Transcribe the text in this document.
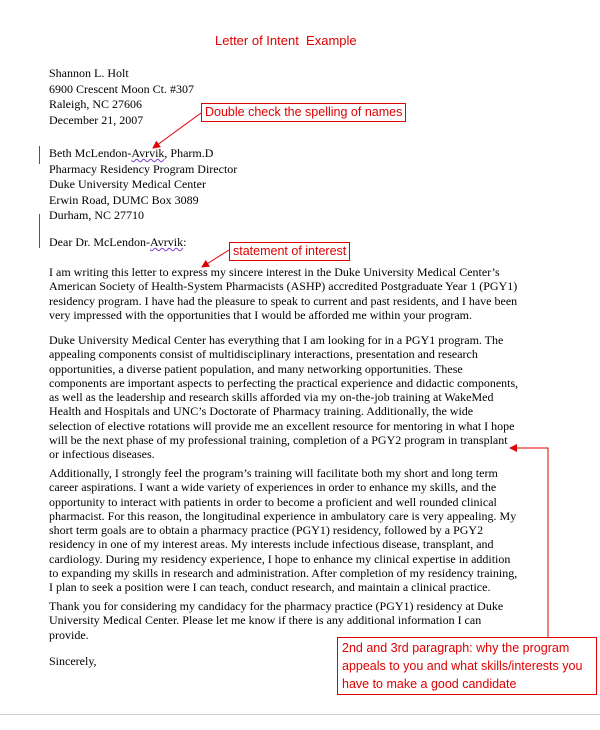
Letter of Intent  Example
Shannon L. Holt
6900 Crescent Moon Ct. #307
Raleigh, NC 27606
December 21, 2007
Beth McLendon-Avrvik, Pharm.D
Pharmacy Residency Program Director
Duke University Medical Center
Erwin Road, DUMC Box 3089
Durham, NC 27710
Dear Dr. McLendon-Avrvik:
I am writing this letter to express my sincere interest in the Duke University Medical Center’s
American Society of Health-System Pharmacists (ASHP) accredited Postgraduate Year 1 (PGY1)
residency program. I have had the pleasure to speak to current and past residents, and I have been
very impressed with the opportunities that I would be afforded me within your program.
Duke University Medical Center has everything that I am looking for in a PGY1 program. The
appealing components consist of multidisciplinary interactions, presentation and research
opportunities, a diverse patient population, and many networking opportunities. These
components are important aspects to perfecting the practical experience and didactic components,
as well as the leadership and research skills afforded via my on-the-job training at WakeMed
Health and Hospitals and UNC’s Doctorate of Pharmacy training. Additionally, the wide
selection of elective rotations will provide me an excellent resource for mentoring in what I hope
will be the next phase of my professional training, completion of a PGY2 program in transplant
or infectious diseases.
Additionally, I strongly feel the program’s training will facilitate both my short and long term
career aspirations. I want a wide variety of experiences in order to enhance my skills, and the
opportunity to interact with patients in order to become a proficient and well rounded clinical
pharmacist. For this reason, the longitudinal experience in ambulatory care is very appealing. My
short term goals are to obtain a pharmacy practice (PGY1) residency, followed by a PGY2
residency in one of my interest areas. My interests include infectious disease, transplant, and
cardiology. During my residency experience, I hope to enhance my clinical expertise in addition
to expanding my skills in research and administration. After completion of my residency training,
I plan to seek a position were I can teach, conduct research, and maintain a clinical practice.
Thank you for considering my candidacy for the pharmacy practice (PGY1) residency at Duke
University Medical Center. Please let me know if there is any additional information I can
provide.
Sincerely,
Double check the spelling of names
statement of interest
2nd and 3rd paragraph: why the program
appeals to you and what skills/interests you
have to make a good candidate
